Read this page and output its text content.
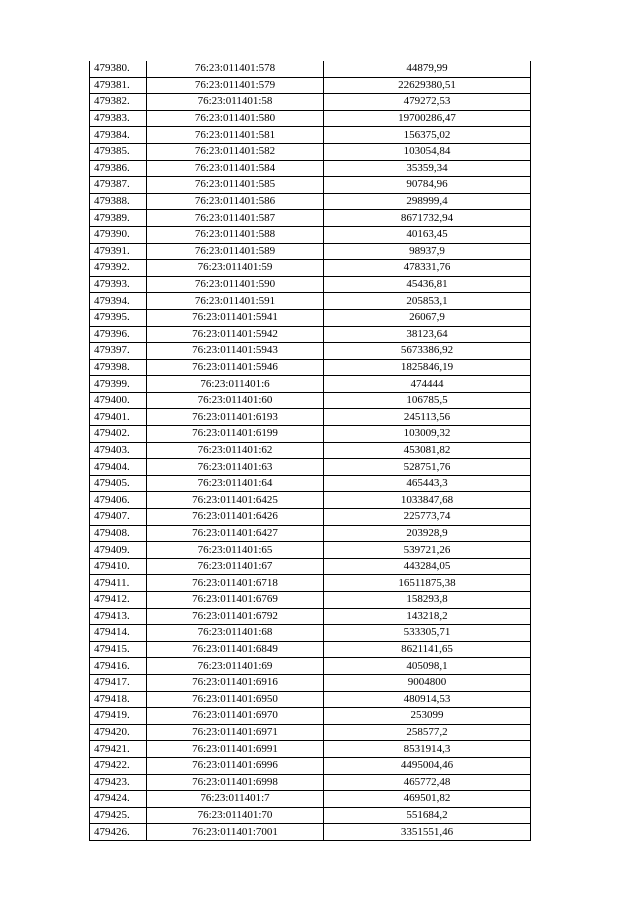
479380.	76:23:011401:578	44879,99
479381.	76:23:011401:579	22629380,51
479382.	76:23:011401:58	479272,53
479383.	76:23:011401:580	19700286,47
479384.	76:23:011401:581	156375,02
479385.	76:23:011401:582	103054,84
479386.	76:23:011401:584	35359,34
479387.	76:23:011401:585	90784,96
479388.	76:23:011401:586	298999,4
479389.	76:23:011401:587	8671732,94
479390.	76:23:011401:588	40163,45
479391.	76:23:011401:589	98937,9
479392.	76:23:011401:59	478331,76
479393.	76:23:011401:590	45436,81
479394.	76:23:011401:591	205853,1
479395.	76:23:011401:5941	26067,9
479396.	76:23:011401:5942	38123,64
479397.	76:23:011401:5943	5673386,92
479398.	76:23:011401:5946	1825846,19
479399.	76:23:011401:6	474444
479400.	76:23:011401:60	106785,5
479401.	76:23:011401:6193	245113,56
479402.	76:23:011401:6199	103009,32
479403.	76:23:011401:62	453081,82
479404.	76:23:011401:63	528751,76
479405.	76:23:011401:64	465443,3
479406.	76:23:011401:6425	1033847,68
479407.	76:23:011401:6426	225773,74
479408.	76:23:011401:6427	203928,9
479409.	76:23:011401:65	539721,26
479410.	76:23:011401:67	443284,05
479411.	76:23:011401:6718	16511875,38
479412.	76:23:011401:6769	158293,8
479413.	76:23:011401:6792	143218,2
479414.	76:23:011401:68	533305,71
479415.	76:23:011401:6849	8621141,65
479416.	76:23:011401:69	405098,1
479417.	76:23:011401:6916	9004800
479418.	76:23:011401:6950	480914,53
479419.	76:23:011401:6970	253099
479420.	76:23:011401:6971	258577,2
479421.	76:23:011401:6991	8531914,3
479422.	76:23:011401:6996	4495004,46
479423.	76:23:011401:6998	465772,48
479424.	76:23:011401:7	469501,82
479425.	76:23:011401:70	551684,2
479426.	76:23:011401:7001	3351551,46
